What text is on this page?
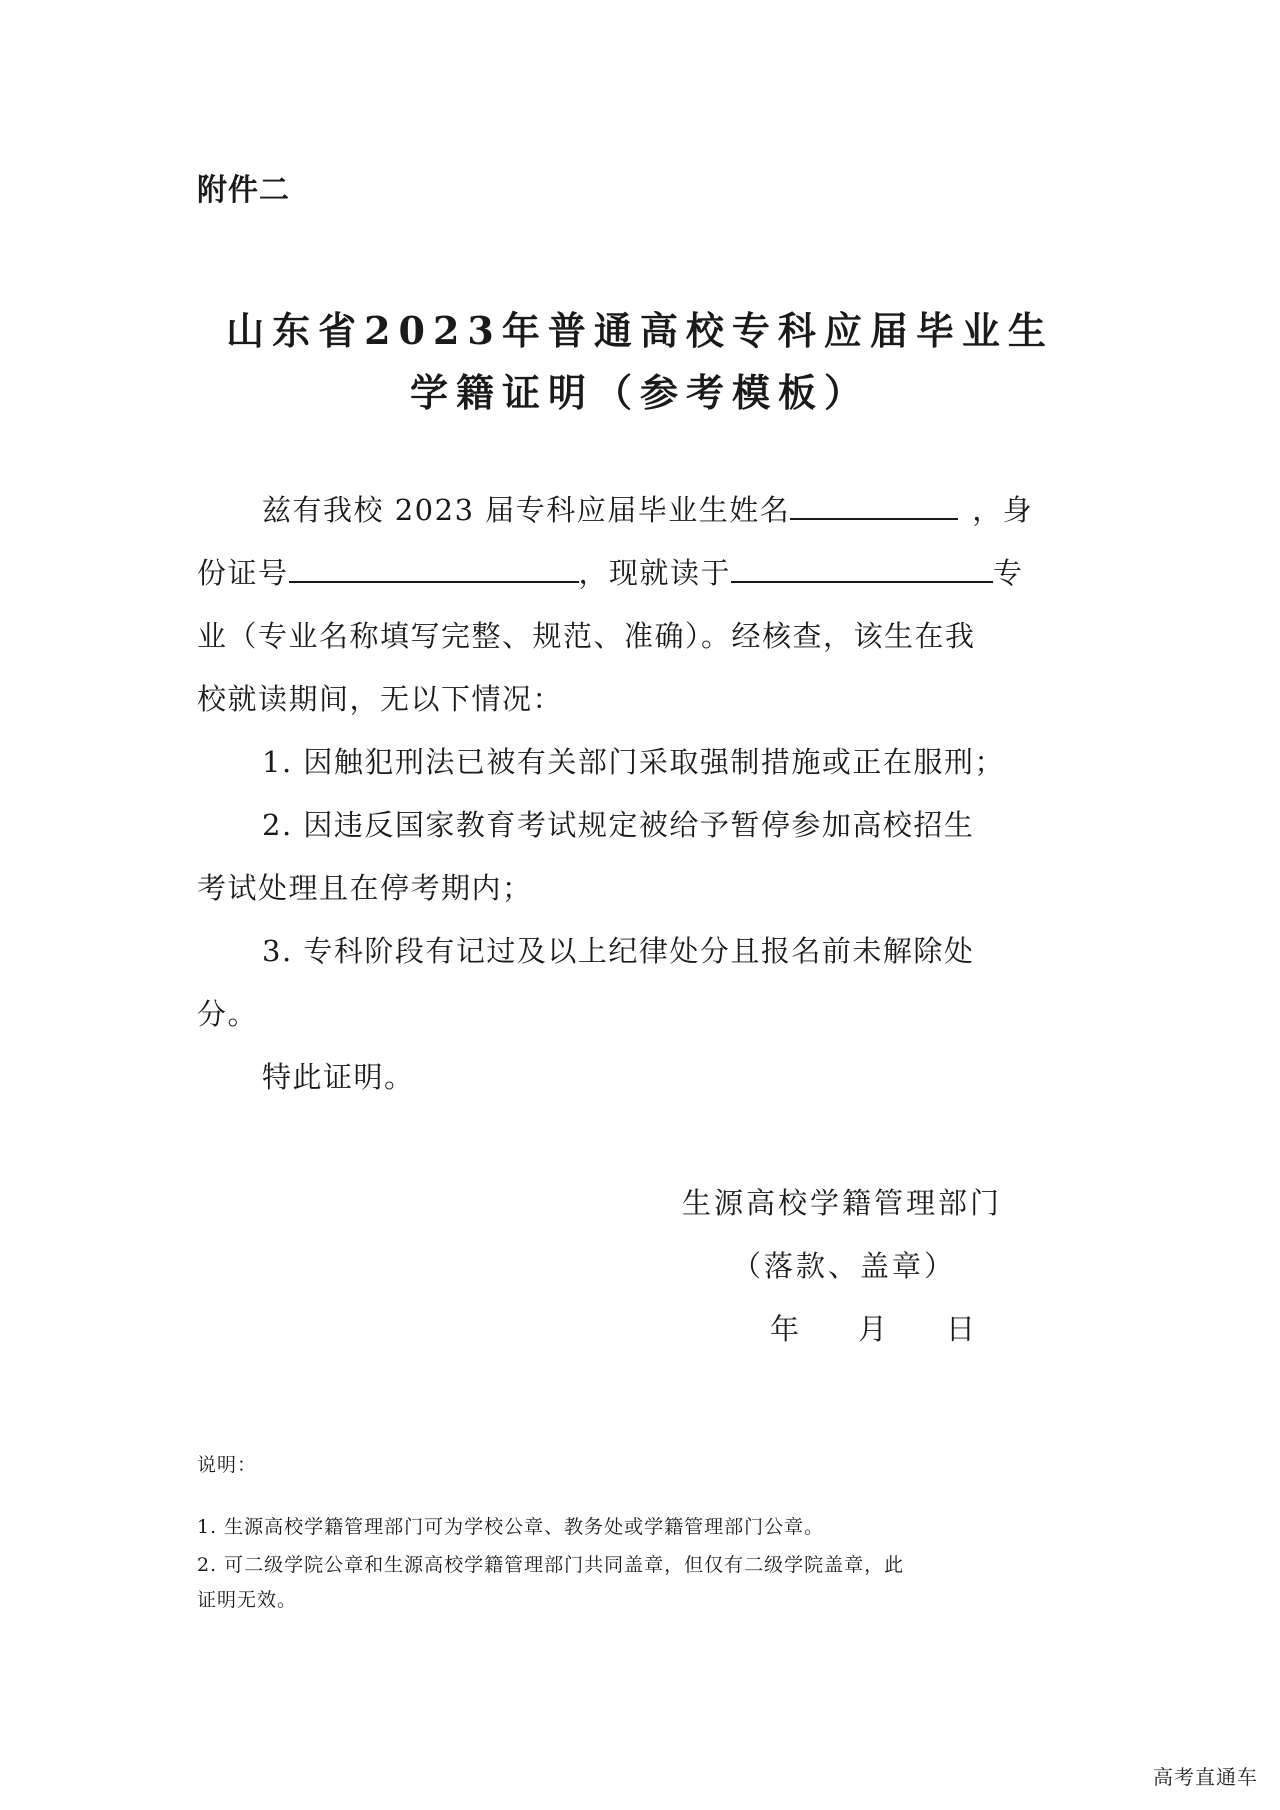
附件二
山东省2023年普通高校专科应届毕业生
学籍证明（参考模板）
兹有我校 2023 届专科应届毕业生姓名	，身
份证号	，现就读于	专
业（专业名称填写完整、规范、准确）。经核查，该生在我
校就读期间，无以下情况：
1. 因触犯刑法已被有关部门采取强制措施或正在服刑；
2. 因违反国家教育考试规定被给予暂停参加高校招生
考试处理且在停考期内；
3. 专科阶段有记过及以上纪律处分且报名前未解除处
分。
特此证明。
生源高校学籍管理部门
（落款、盖章）
年 月 日
说明：
1. 生源高校学籍管理部门可为学校公章、教务处或学籍管理部门公章。
2. 可二级学院公章和生源高校学籍管理部门共同盖章，但仅有二级学院盖章，此
证明无效。
高考直通车
